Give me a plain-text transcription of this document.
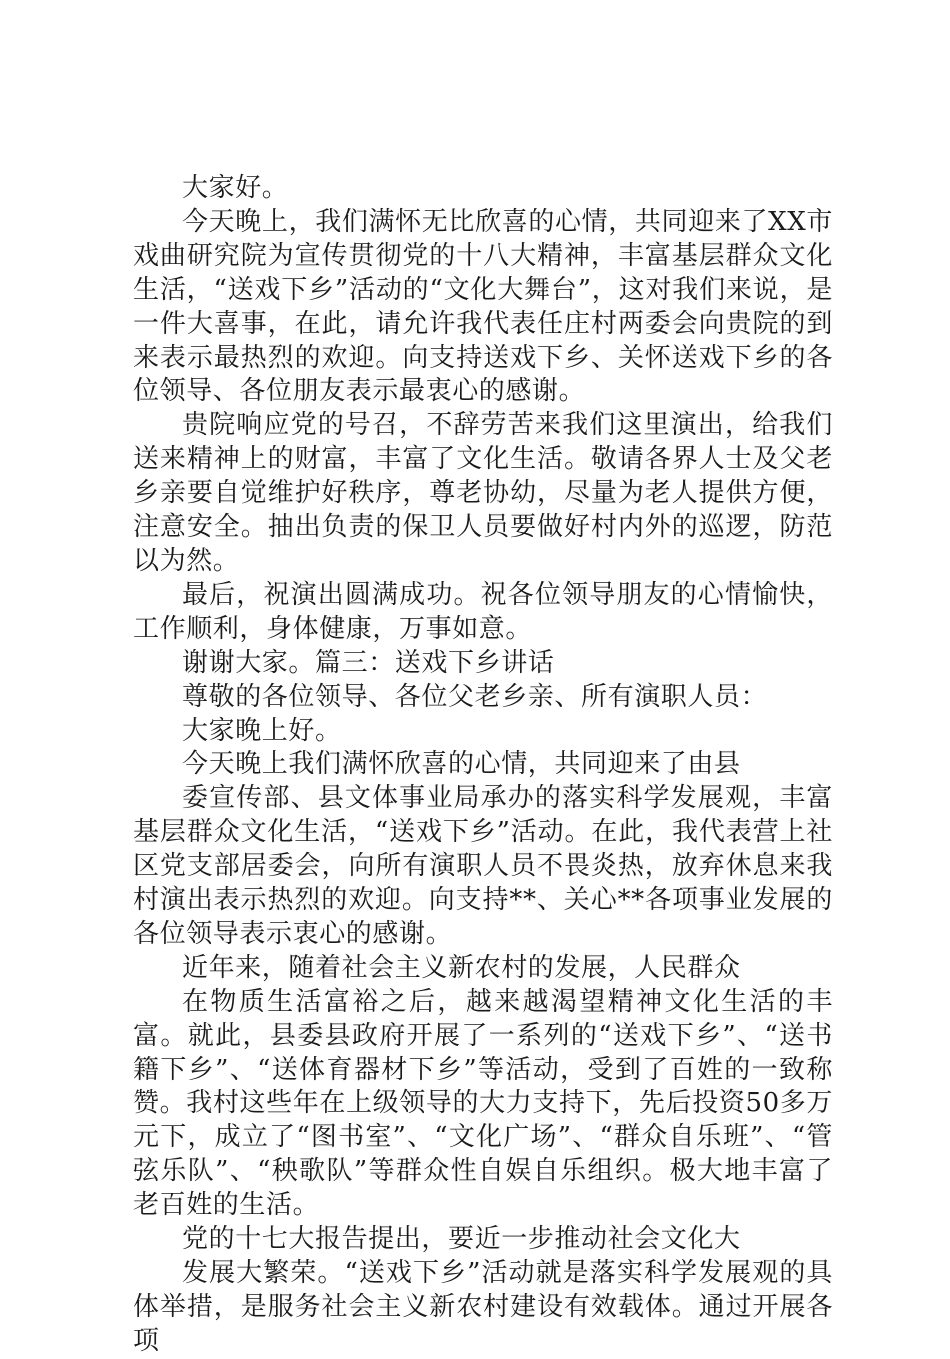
大家好。

今天晚上，我们满怀无比欣喜的心情，共同迎来了XX市戏曲研究院为宣传贯彻党的十八大精神，丰富基层群众文化生活，“送戏下乡”活动的“文化大舞台”，这对我们来说，是一件大喜事，在此，请允许我代表任庄村两委会向贵院的到来表示最热烈的欢迎。向支持送戏下乡、关怀送戏下乡的各位领导、各位朋友表示最衷心的感谢。

贵院响应党的号召，不辞劳苦来我们这里演出，给我们送来精神上的财富，丰富了文化生活。敬请各界人士及父老乡亲要自觉维护好秩序，尊老协幼，尽量为老人提供方便，注意安全。抽出负责的保卫人员要做好村内外的巡逻，防范以为然。

最后，祝演出圆满成功。祝各位领导朋友的心情愉快，工作顺利，身体健康，万事如意。

谢谢大家。篇三：送戏下乡讲话

尊敬的各位领导、各位父老乡亲、所有演职人员：

大家晚上好。

今天晚上我们满怀欣喜的心情，共同迎来了由县

委宣传部、县文体事业局承办的落实科学发展观，丰富基层群众文化生活，“送戏下乡”活动。在此，我代表营上社区党支部居委会，向所有演职人员不畏炎热，放弃休息来我村演出表示热烈的欢迎。向支持**、关心**各项事业发展的各位领导表示衷心的感谢。

近年来，随着社会主义新农村的发展，人民群众

在物质生活富裕之后，越来越渴望精神文化生活的丰富。就此，县委县政府开展了一系列的“送戏下乡”、“送书籍下乡”、“送体育器材下乡”等活动，受到了百姓的一致称赞。我村这些年在上级领导的大力支持下，先后投资50多万元下，成立了“图书室”、“文化广场”、“群众自乐班”、“管弦乐队”、“秧歌队”等群众性自娱自乐组织。极大地丰富了老百姓的生活。

党的十七大报告提出，要近一步推动社会文化大

发展大繁荣。“送戏下乡”活动就是落实科学发展观的具体举措，是服务社会主义新农村建设有效载体。通过开展各项
